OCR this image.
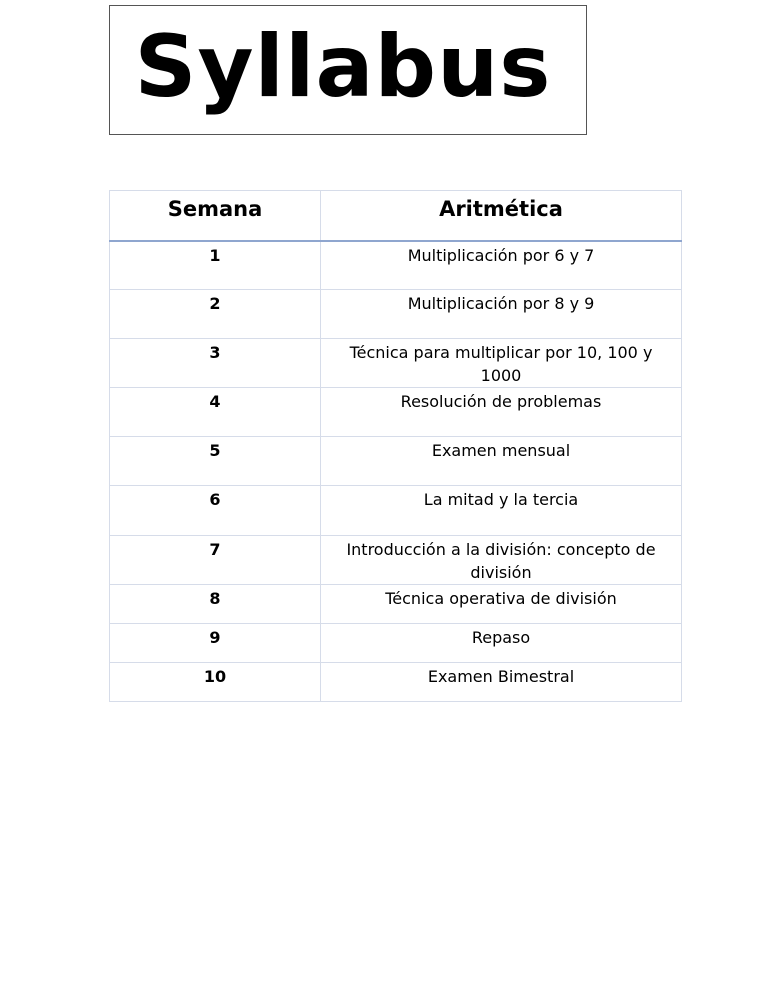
Syllabus
Semana	Aritmética
1	Multiplicación por 6 y 7
2	Multiplicación por 8 y 9
3	Técnica para multiplicar por 10, 100 y 1000
4	Resolución de problemas
5	Examen mensual
6	La mitad y la tercia
7	Introducción a la división: concepto de división
8	Técnica operativa de división
9	Repaso
10	Examen Bimestral
